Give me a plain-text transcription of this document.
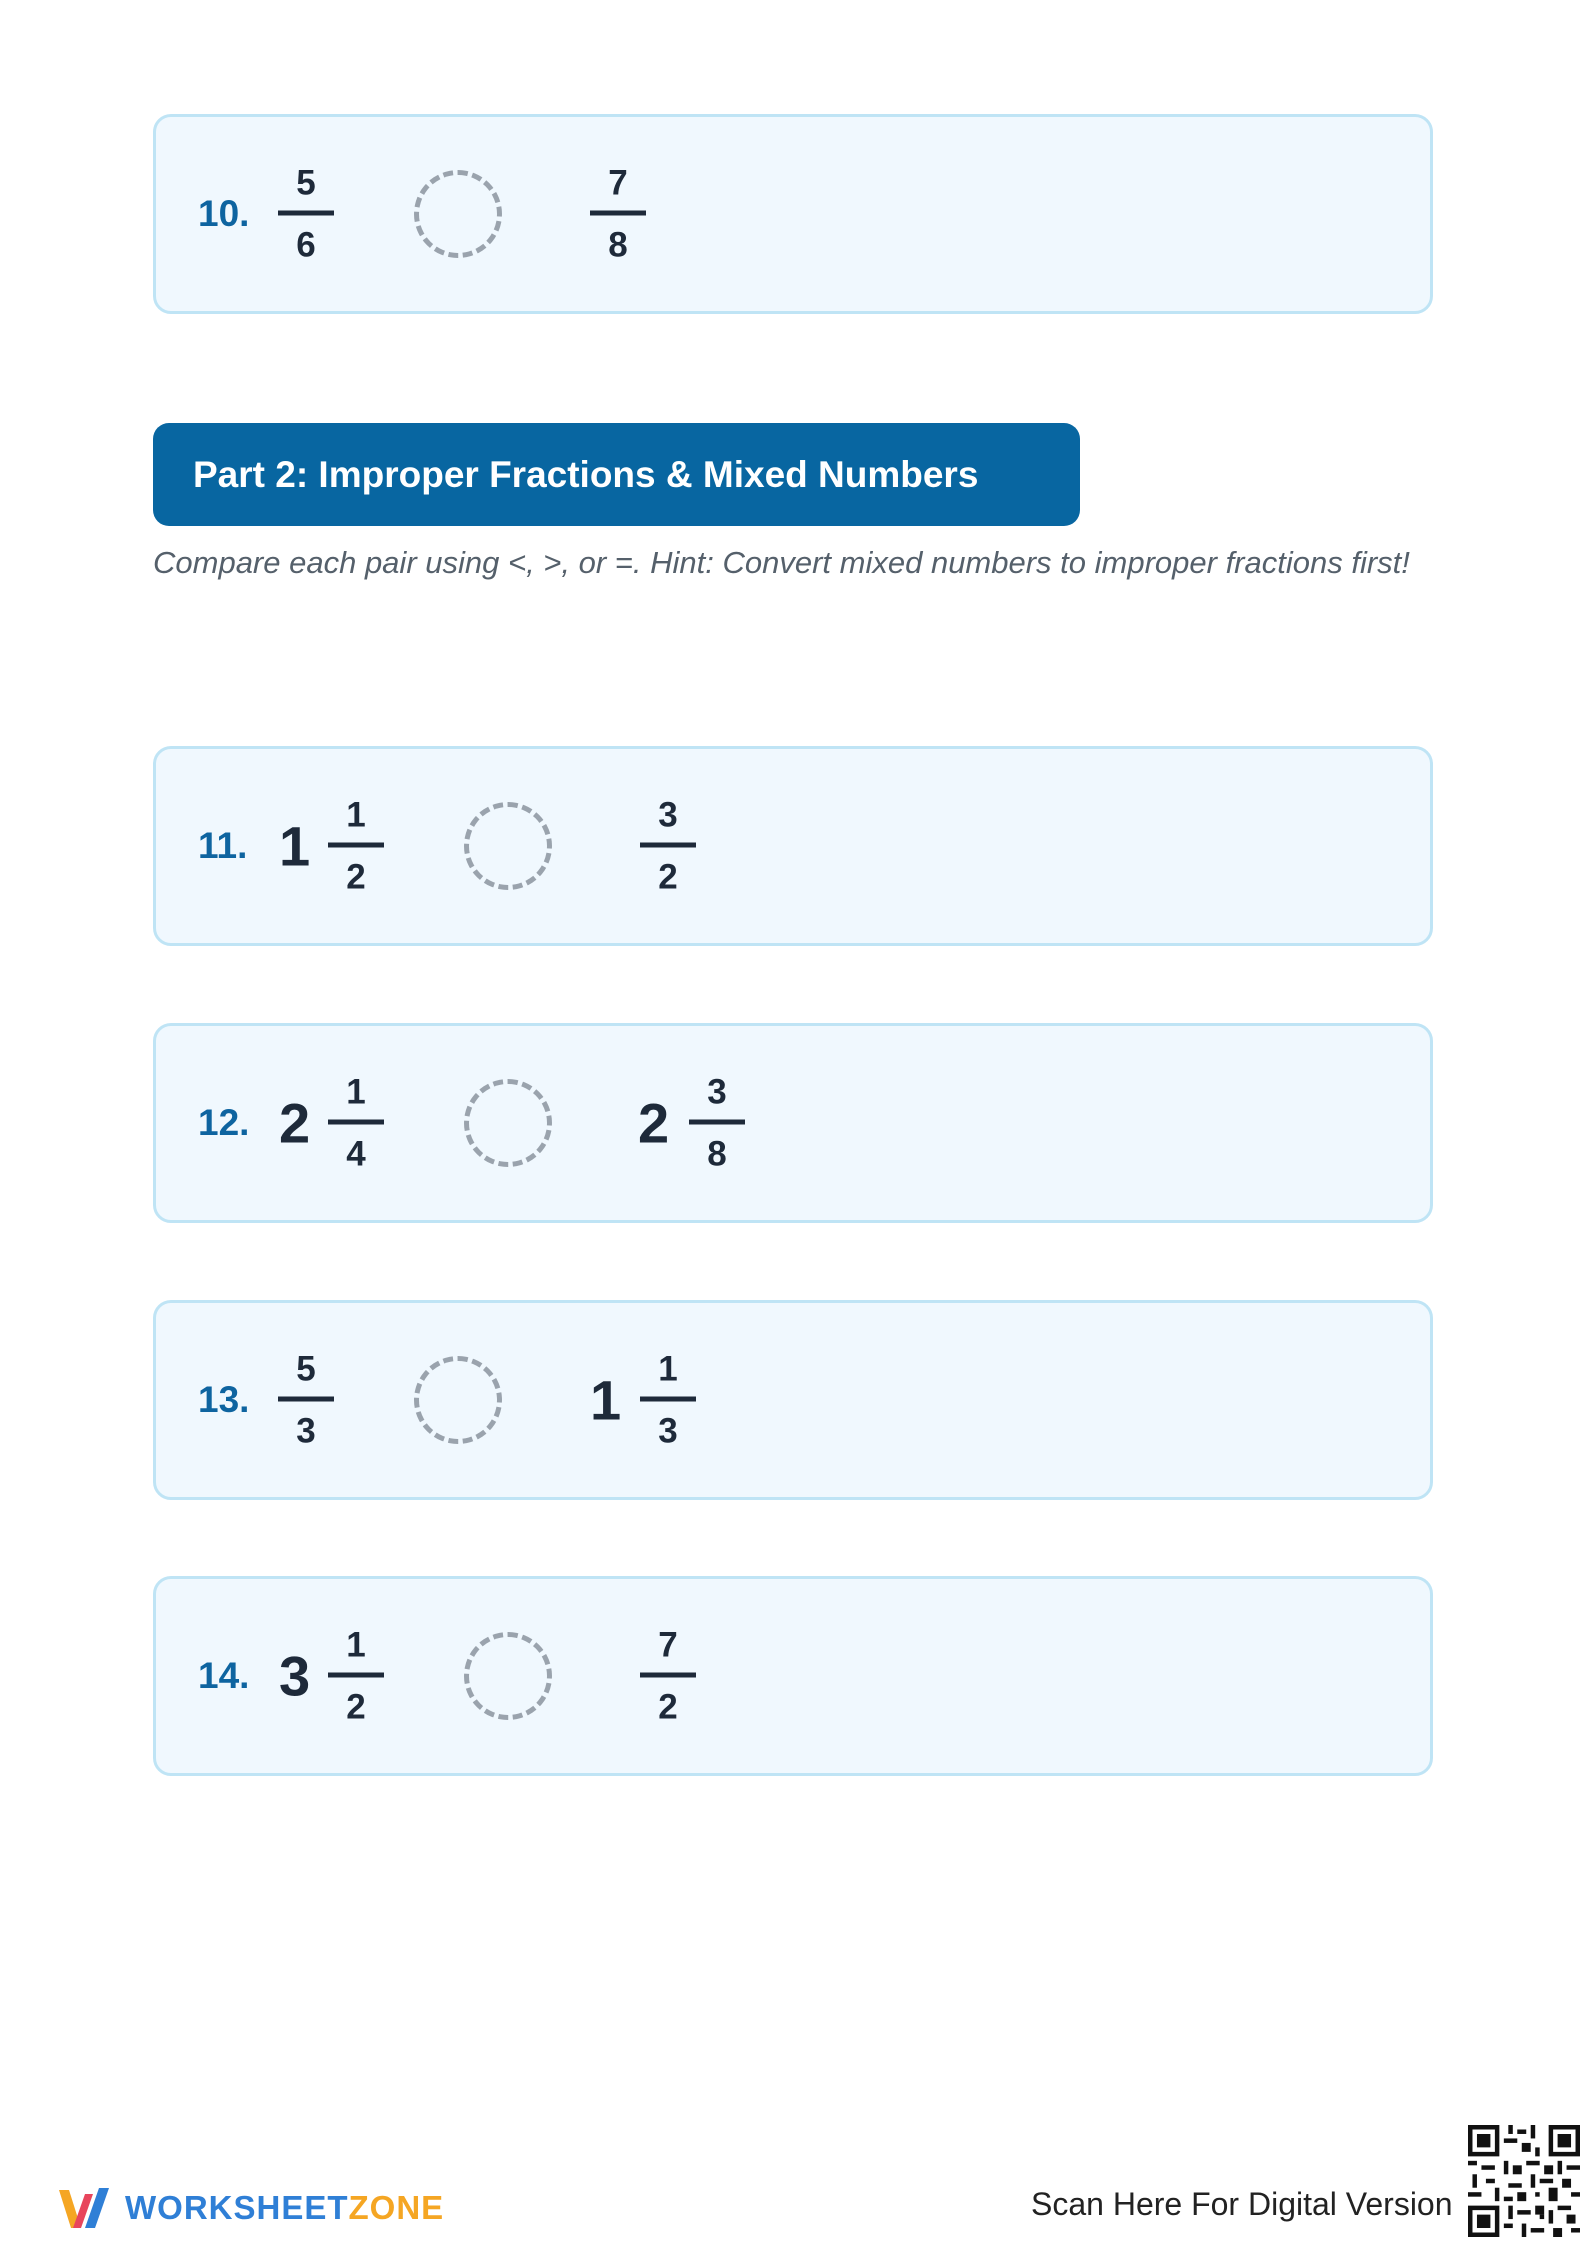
10.
5
6
7
8
Part 2: Improper Fractions & Mixed Numbers
Compare each pair using <, >, or =. Hint: Convert mixed numbers to improper fractions first!
11. 1 1
2
3
2
12. 2 1
4	2 3
8
13.
5
3	1 1
3
14. 3 1
2
7
2
WORKSHEETZONE	Scan Here For Digital Version
